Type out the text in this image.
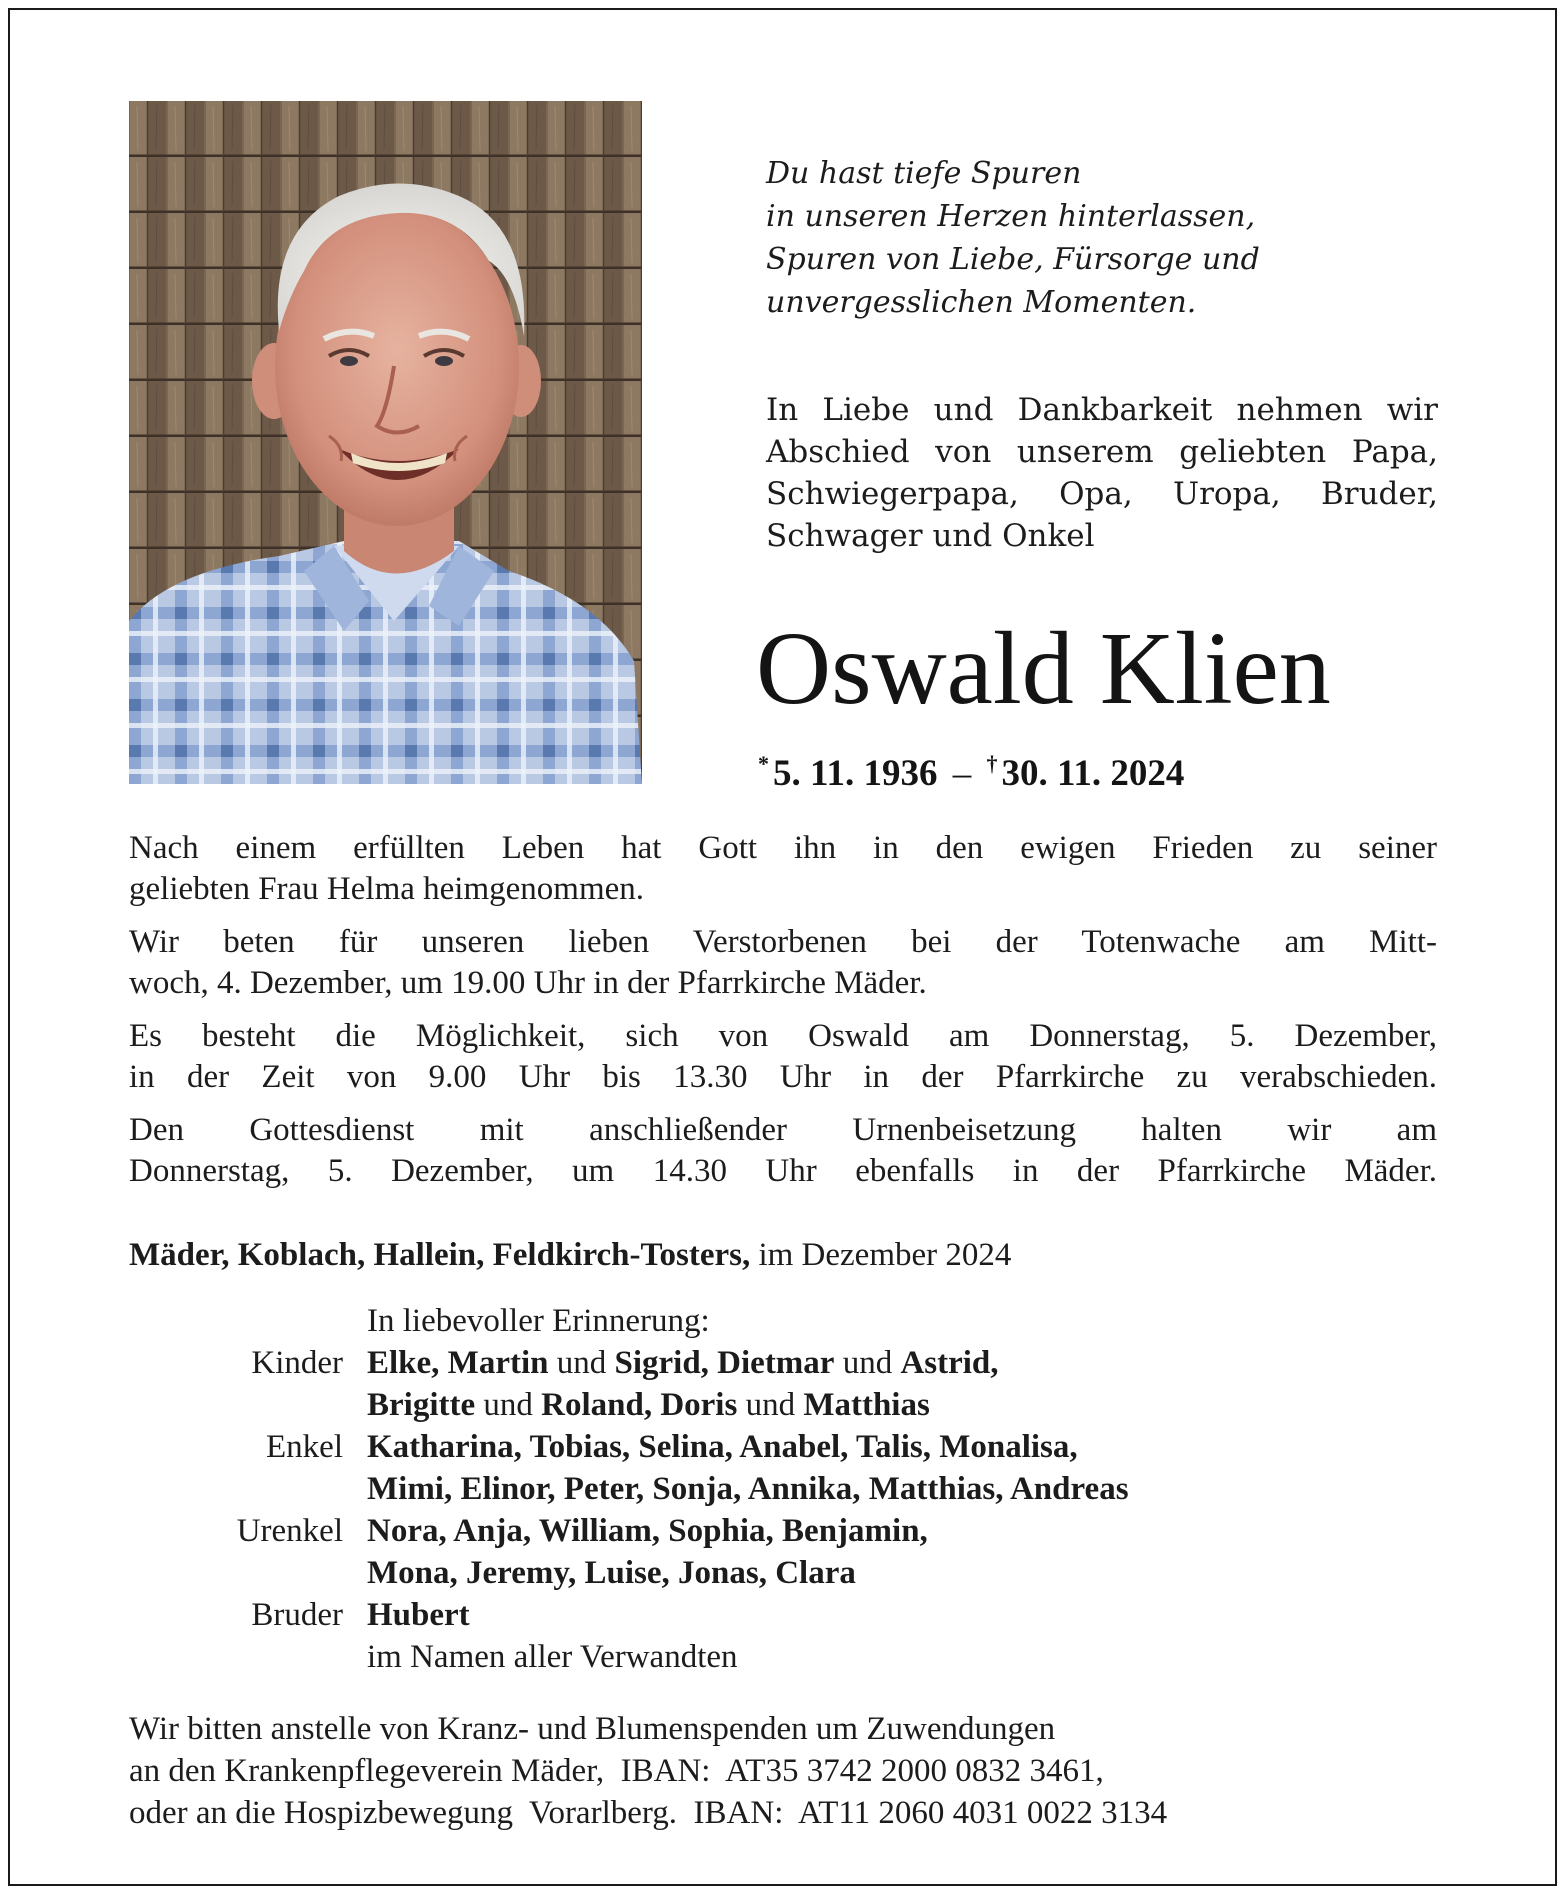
Du hast tiefe Spuren
in unseren Herzen hinterlassen,
Spuren von Liebe, Fürsorge und
unvergesslichen Momenten.
In Liebe und Dankbarkeit nehmen wir
Abschied von unserem geliebten Papa,
Schwiegerpapa, Opa, Uropa, Bruder,
Schwager und Onkel
Oswald Klien
* 5. 11. 1936 – † 30. 11. 2024
Nach einem erfüllten Leben hat Gott ihn in den ewigen Frieden zu seiner
geliebten Frau Helma heimgenommen.
Wir beten für unseren lieben Verstorbenen bei der Totenwache am Mitt-
woch, 4. Dezember, um 19.00 Uhr in der Pfarrkirche Mäder.
Es besteht die Möglichkeit, sich von Oswald am Donnerstag, 5. Dezember,
in der Zeit von 9.00 Uhr bis 13.30 Uhr in der Pfarrkirche zu verabschieden.
Den Gottesdienst mit anschließender Urnenbeisetzung halten wir am
Donnerstag, 5. Dezember, um 14.30 Uhr ebenfalls in der Pfarrkirche Mäder.
Mäder, Koblach, Hallein, Feldkirch-Tosters, im Dezember 2024
In liebevoller Erinnerung:
Kinder Elke, Martin und Sigrid, Dietmar und Astrid,
Brigitte und Roland, Doris und Matthias
Enkel Katharina, Tobias, Selina, Anabel, Talis, Monalisa,
Mimi, Elinor, Peter, Sonja, Annika, Matthias, Andreas
Urenkel Nora, Anja, William, Sophia, Benjamin,
Mona, Jeremy, Luise, Jonas, Clara
Bruder Hubert
im Namen aller Verwandten
Wir bitten anstelle von Kranz- und Blumenspenden um Zuwendungen
an den Krankenpflegeverein Mäder,  IBAN:  AT35 3742 2000 0832 3461,
oder an die Hospizbewegung  Vorarlberg.  IBAN:  AT11 2060 4031 0022 3134
